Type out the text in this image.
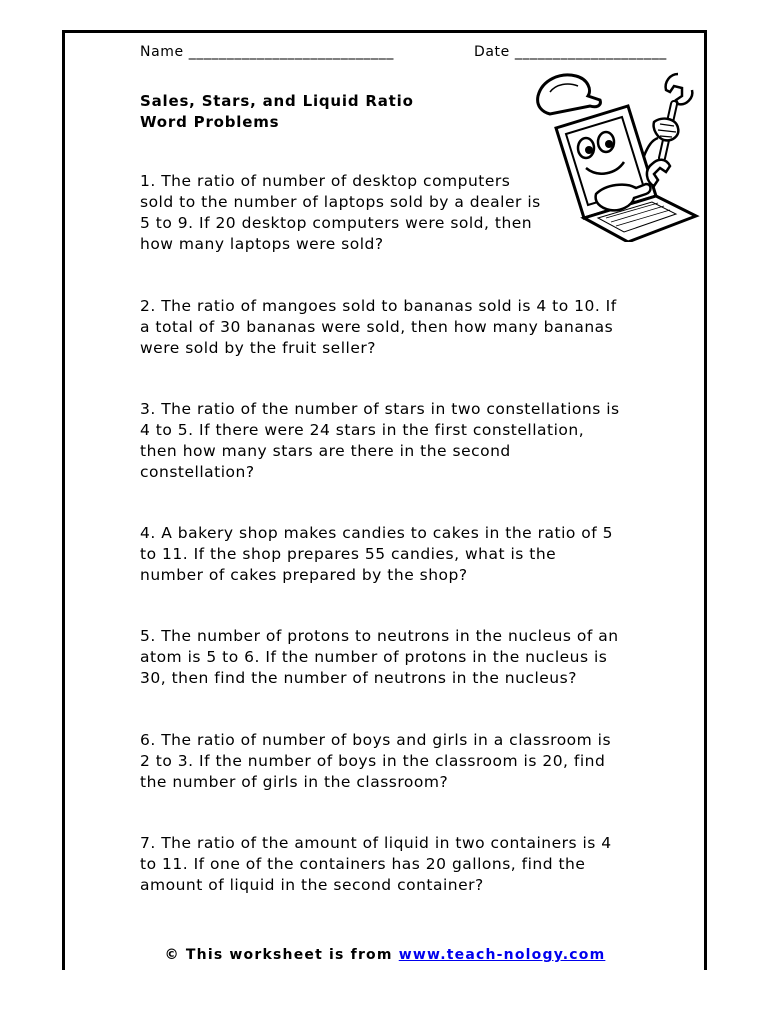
Name ___________________________	Date ____________________
Sales, Stars, and Liquid Ratio
Word Problems
1. The ratio of number of desktop computers
sold to the number of laptops sold by a dealer is
5 to 9. If 20 desktop computers were sold, then
how many laptops were sold?
2. The ratio of mangoes sold to bananas sold is 4 to 10. If
a total of 30 bananas were sold, then how many bananas
were sold by the fruit seller?
3. The ratio of the number of stars in two constellations is
4 to 5. If there were 24 stars in the first constellation,
then how many stars are there in the second
constellation?
4. A bakery shop makes candies to cakes in the ratio of 5
to 11. If the shop prepares 55 candies, what is the
number of cakes prepared by the shop?
5. The number of protons to neutrons in the nucleus of an
atom is 5 to 6. If the number of protons in the nucleus is
30, then find the number of neutrons in the nucleus?
6. The ratio of number of boys and girls in a classroom is
2 to 3. If the number of boys in the classroom is 20, find
the number of girls in the classroom?
7. The ratio of the amount of liquid in two containers is 4
to 11. If one of the containers has 20 gallons, find the
amount of liquid in the second container?
© This worksheet is from www.teach-nology.com
